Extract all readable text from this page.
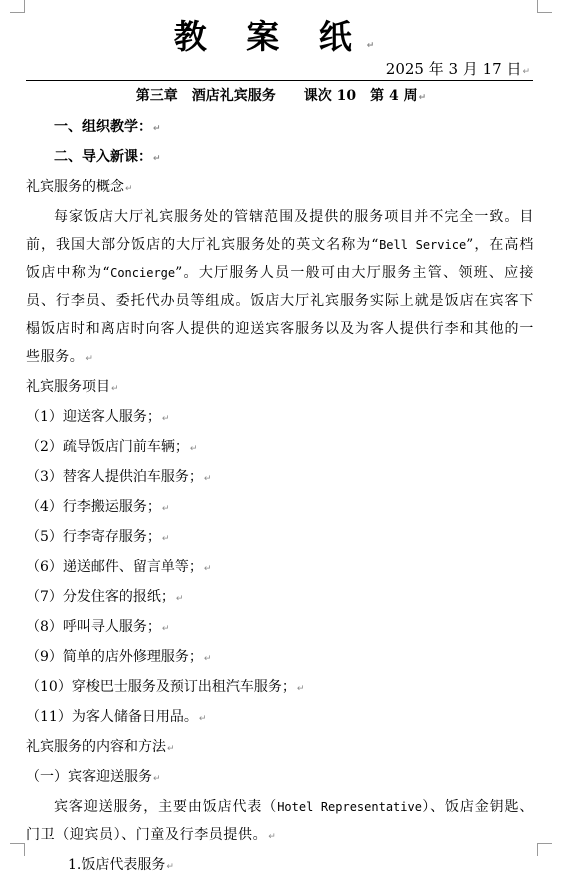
教 案 纸↵
2025 年 3 月 17 日↵
第三章　酒店礼宾服务 课次 10　第 4 周↵
一、组织教学：↵
二、导入新课：↵
礼宾服务的概念↵
每家饭店大厅礼宾服务处的管辖范围及提供的服务项目并不完全一致。目前，我国大部分饭店的大厅礼宾服务处的英文名称为“Bell Service”，在高档饭店中称为“Concierge”。大厅服务人员一般可由大厅服务主管、领班、应接员、行李员、委托代办员等组成。饭店大厅礼宾服务实际上就是饭店在宾客下榻饭店时和离店时向客人提供的迎送宾客服务以及为客人提供行李和其他的一些服务。↵
礼宾服务项目↵
（1）迎送客人服务；↵
（2）疏导饭店门前车辆；↵
（3）替客人提供泊车服务；↵
（4）行李搬运服务；↵
（5）行李寄存服务；↵
（6）递送邮件、留言单等；↵
（7）分发住客的报纸；↵
（8）呼叫寻人服务；↵
（9）简单的店外修理服务；↵
（10）穿梭巴士服务及预订出租汽车服务；↵
（11）为客人储备日用品。↵
礼宾服务的内容和方法↵
（一）宾客迎送服务↵
宾客迎送服务，主要由饭店代表（Hotel Representative）、饭店金钥匙、门卫（迎宾员）、门童及行李员提供。↵
1.饭店代表服务↵
